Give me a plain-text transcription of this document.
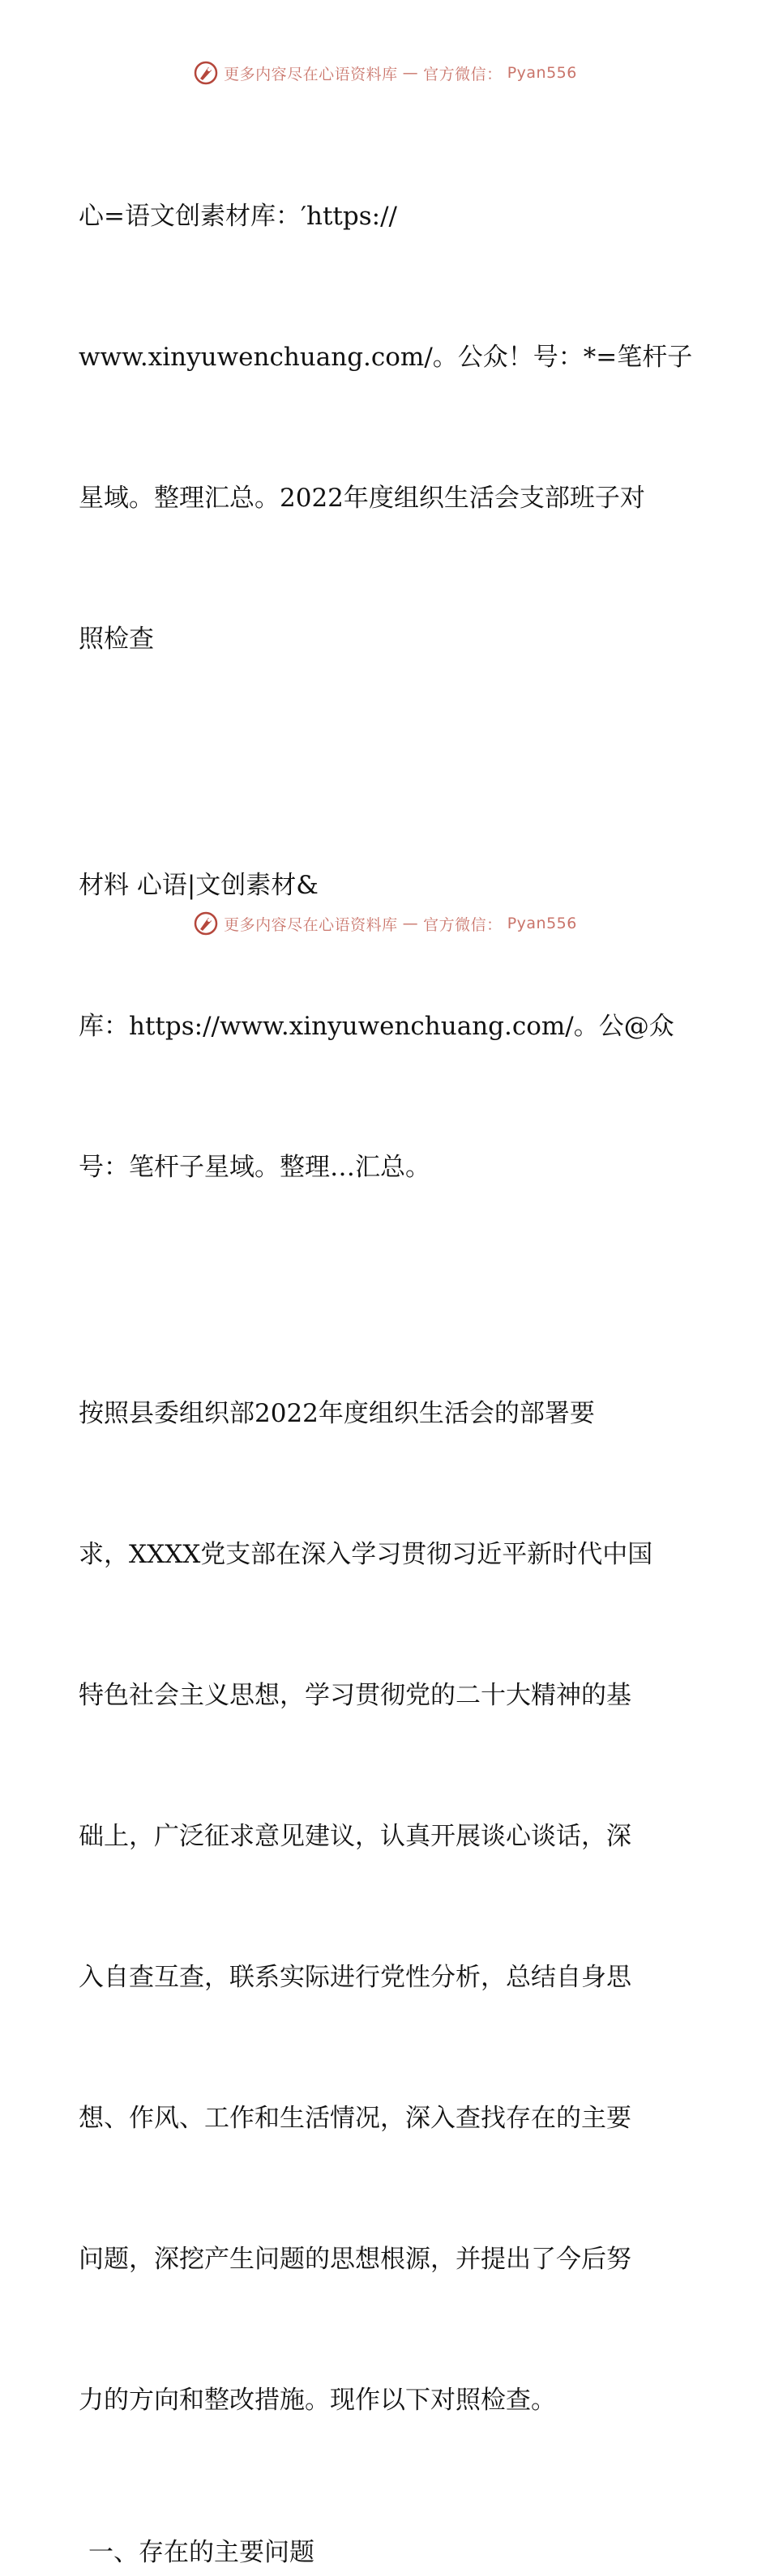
更多内容尽在心语资料库 — 官方微信： Pyan556

心=语文创素材库：′https://

www.xinyuwenchuang.com/。公众！号：*=笔杆子

星域。整理汇总。2022年度组织生活会支部班子对

照检查

材料 心语|文创素材&

库：https://www.xinyuwenchuang.com/。公@众

号：笔杆子星域。整理…汇总。

按照县委组织部2022年度组织生活会的部署要

求，XXXX党支部在深入学习贯彻习近平新时代中国

特色社会主义思想，学习贯彻党的二十大精神的基

础上，广泛征求意见建议，认真开展谈心谈话，深

入自查互查，联系实际进行党性分析，总结自身思

想、作风、工作和生活情况，深入查找存在的主要

问题，深挖产生问题的思想根源，并提出了今后努

力的方向和整改措施。现作以下对照检查。

一、存在的主要问题
更多内容尽在心语资料库 — 官方微信： Pyan556
